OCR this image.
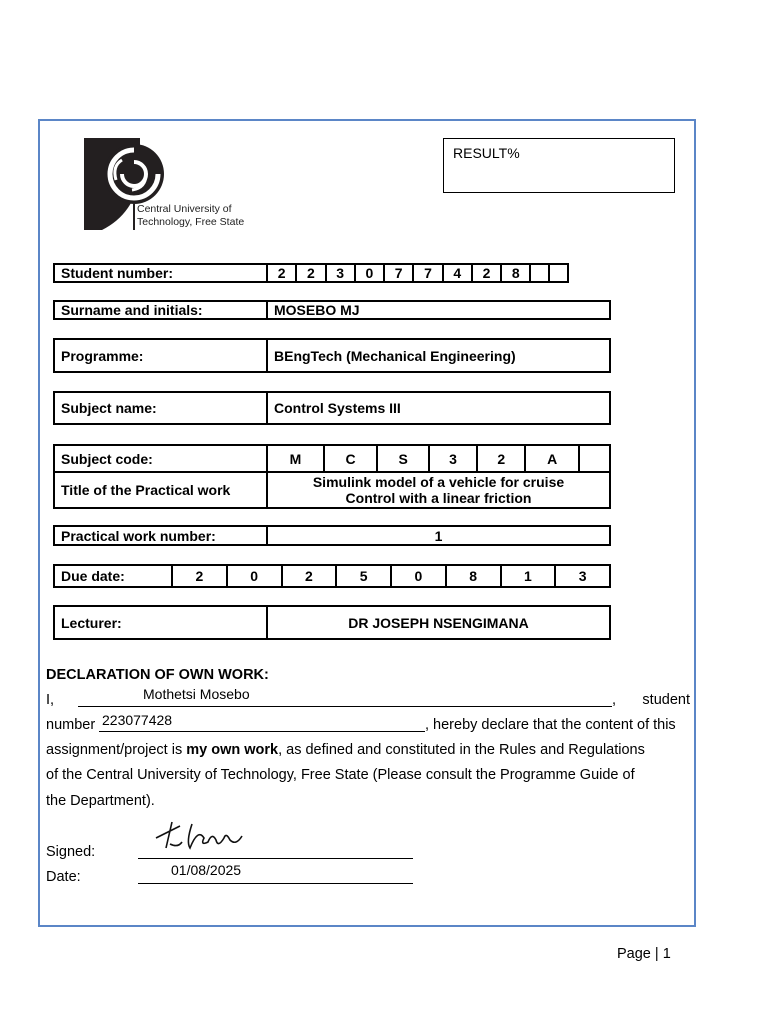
Central University of
Technology, Free State
RESULT%
Student number:	2	2	3	0	7	7	4	2	8		
Surname and initials:	MOSEBO MJ
Programme:	BEngTech (Mechanical Engineering)
Subject name:	Control Systems III
Subject code:	M	C	S	3	2	A	
Title of the Practical work	Simulink model of a vehicle for cruise
Control with a linear friction						
Practical work number:	1
Due date:	2	0	2	5	0	8	1	3
Lecturer:	DR JOSEPH NSENGIMANA
DECLARATION OF OWN WORK:
I,	student
Mothetsi Mosebo	,
number	, hereby declare that the content of this
223077428
assignment/project is my own work, as defined and constituted in the Rules and Regulations
of the Central University of Technology, Free State (Please consult the Programme Guide of
the Department).
Signed:
Date:	01/08/2025
Page | 1
